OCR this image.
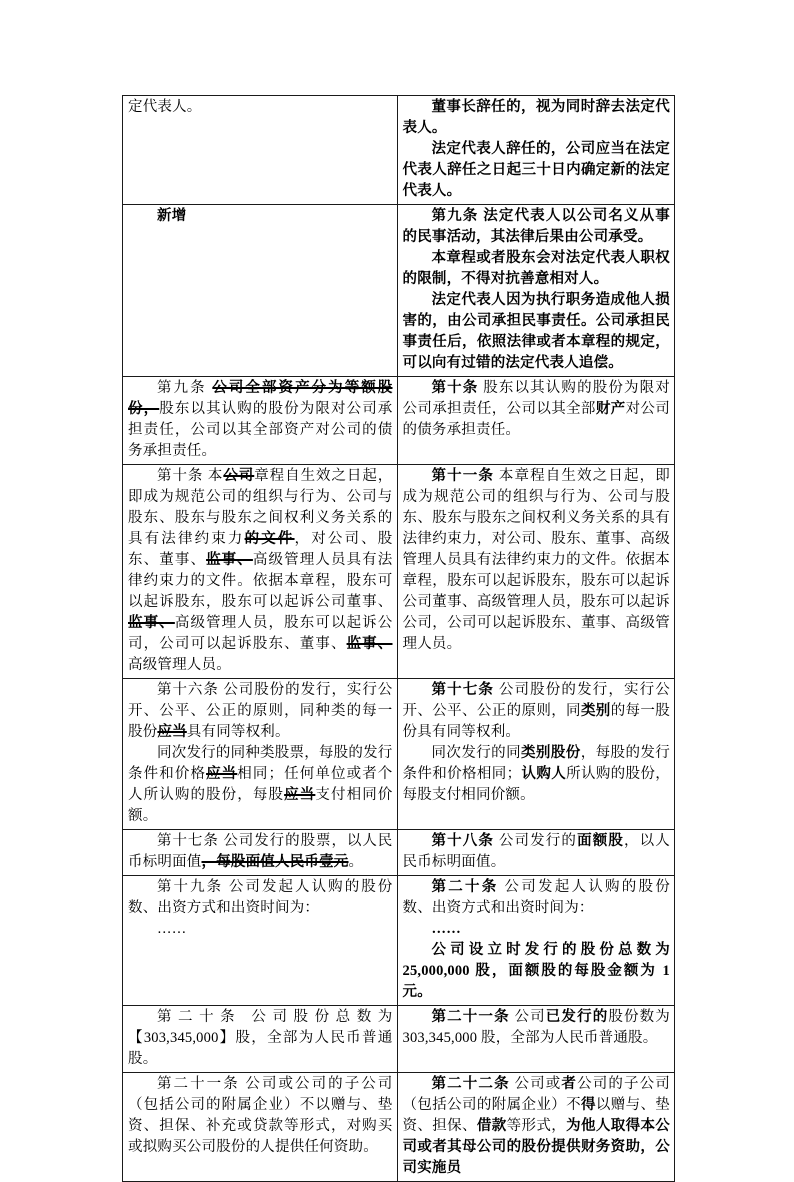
定代表人。	董事长辞任的，视为同时辞去法定代表人。

法定代表人辞任的，公司应当在法定代表人辞任之日起三十日内确定新的法定代表人。

新增	第九条 法定代表人以公司名义从事的民事活动，其法律后果由公司承受。

本章程或者股东会对法定代表人职权的限制，不得对抗善意相对人。

法定代表人因为执行职务造成他人损害的，由公司承担民事责任。公司承担民事责任后，依照法律或者本章程的规定，可以向有过错的法定代表人追偿。

第九条 公司全部资产分为等额股份，股东以其认购的股份为限对公司承担责任，公司以其全部资产对公司的债务承担责任。

第十条 股东以其认购的股份为限对公司承担责任，公司以其全部财产对公司的债务承担责任。

第十条 本公司章程自生效之日起，即成为规范公司的组织与行为、公司与股东、股东与股东之间权利义务关系的具有法律约束力的文件，对公司、股东、董事、监事、高级管理人员具有法律约束力的文件。依据本章程，股东可以起诉股东，股东可以起诉公司董事、监事、高级管理人员，股东可以起诉公司，公司可以起诉股东、董事、监事、高级管理人员。

第十一条 本章程自生效之日起，即成为规范公司的组织与行为、公司与股东、股东与股东之间权利义务关系的具有法律约束力，对公司、股东、董事、高级管理人员具有法律约束力的文件。依据本章程，股东可以起诉股东，股东可以起诉公司董事、高级管理人员，股东可以起诉公司，公司可以起诉股东、董事、高级管理人员。

第十六条 公司股份的发行，实行公开、公平、公正的原则，同种类的每一股份应当具有同等权利。

同次发行的同种类股票，每股的发行条件和价格应当相同；任何单位或者个人所认购的股份，每股应当支付相同价额。

第十七条 公司股份的发行，实行公开、公平、公正的原则，同类别的每一股份具有同等权利。

同次发行的同类别股份，每股的发行条件和价格相同；认购人所认购的股份，每股支付相同价额。

第十七条 公司发行的股票，以人民币标明面值，每股面值人民币壹元。

第十八条 公司发行的面额股，以人民币标明面值。

第十九条 公司发起人认购的股份数、出资方式和出资时间为：

……

第二十条 公司发起人认购的股份数、出资方式和出资时间为：

……

公司设立时发行的股份总数为 25,000,000 股，面额股的每股金额为 1 元。

第二十条 公司股份总数为【303,345,000】股，全部为人民币普通股。

第二十一条 公司已发行的股份数为 303,345,000 股，全部为人民币普通股。

第二十一条 公司或公司的子公司（包括公司的附属企业）不以赠与、垫资、担保、补充或贷款等形式，对购买或拟购买公司股份的人提供任何资助。

第二十二条 公司或者公司的子公司（包括公司的附属企业）不得以赠与、垫资、担保、借款等形式，为他人取得本公司或者其母公司的股份提供财务资助，公司实施员
